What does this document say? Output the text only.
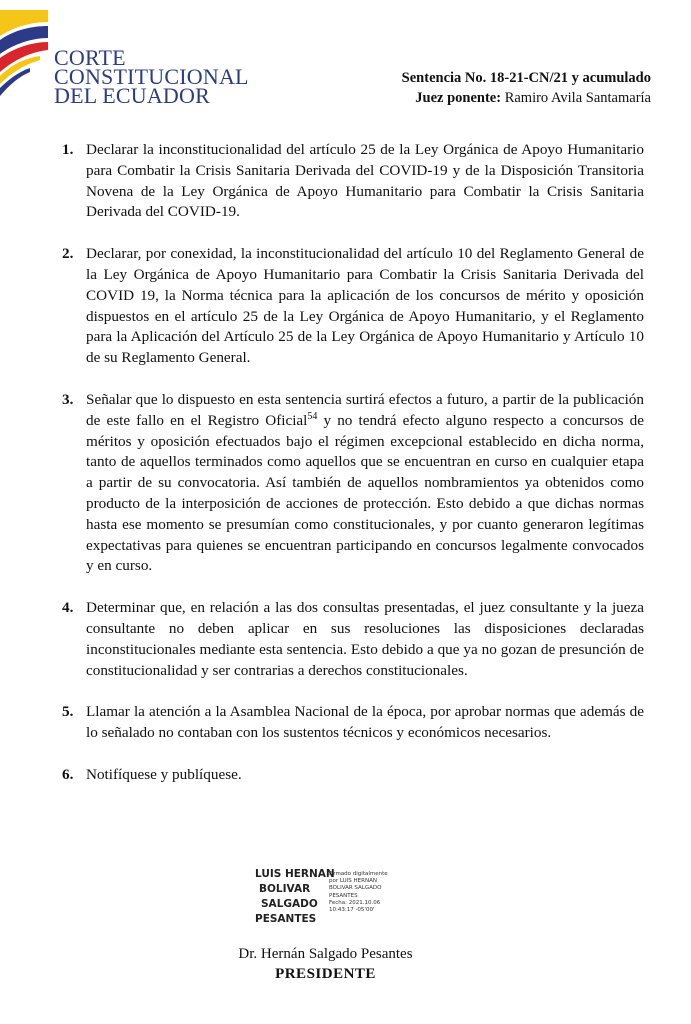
CORTE
CONSTITUCIONAL
DEL ECUADOR
Sentencia No. 18-21-CN/21 y acumulado
Juez ponente: Ramiro Avila Santamaría
1. Declarar la inconstitucionalidad del artículo 25 de la Ley Orgánica de Apoyo Humanitario para Combatir la Crisis Sanitaria Derivada del COVID-19 y de la Disposición Transitoria Novena de la Ley Orgánica de Apoyo Humanitario para Combatir la Crisis Sanitaria Derivada del COVID-19.
2. Declarar, por conexidad, la inconstitucionalidad del artículo 10 del Reglamento General de la Ley Orgánica de Apoyo Humanitario para Combatir la Crisis Sanitaria Derivada del COVID 19, la Norma técnica para la aplicación de los concursos de mérito y oposición dispuestos en el artículo 25 de la Ley Orgánica de Apoyo Humanitario, y el Reglamento para la Aplicación del Artículo 25 de la Ley Orgánica de Apoyo Humanitario y Artículo 10 de su Reglamento General.
3. Señalar que lo dispuesto en esta sentencia surtirá efectos a futuro, a partir de la publicación de este fallo en el Registro Oficial$^{54}$ y no tendrá efecto alguno respecto a concursos de méritos y oposición efectuados bajo el régimen excepcional establecido en dicha norma, tanto de aquellos terminados como aquellos que se encuentran en curso en cualquier etapa a partir de su convocatoria. Así también de aquellos nombramientos ya obtenidos como producto de la interposición de acciones de protección. Esto debido a que dichas normas hasta ese momento se presumían como constitucionales, y por cuanto generaron legítimas expectativas para quienes se encuentran participando en concursos legalmente convocados y en curso.
4. Determinar que, en relación a las dos consultas presentadas, el juez consultante y la jueza consultante no deben aplicar en sus resoluciones las disposiciones declaradas inconstitucionales mediante esta sentencia. Esto debido a que ya no gozan de presunción de constitucionalidad y ser contrarias a derechos constitucionales.
5. Llamar la atención a la Asamblea Nacional de la época, por aprobar normas que además de lo señalado no contaban con los sustentos técnicos y económicos necesarios.
6. Notifíquese y publíquese.
LUIS HERNAN
BOLIVAR
SALGADO
PESANTES
Firmado digitalmente
por LUIS HERNAN
BOLIVAR SALGADO
PESANTES
Fecha: 2021.10.06
10:43:17 -05'00'
Dr. Hernán Salgado Pesantes
PRESIDENTE
